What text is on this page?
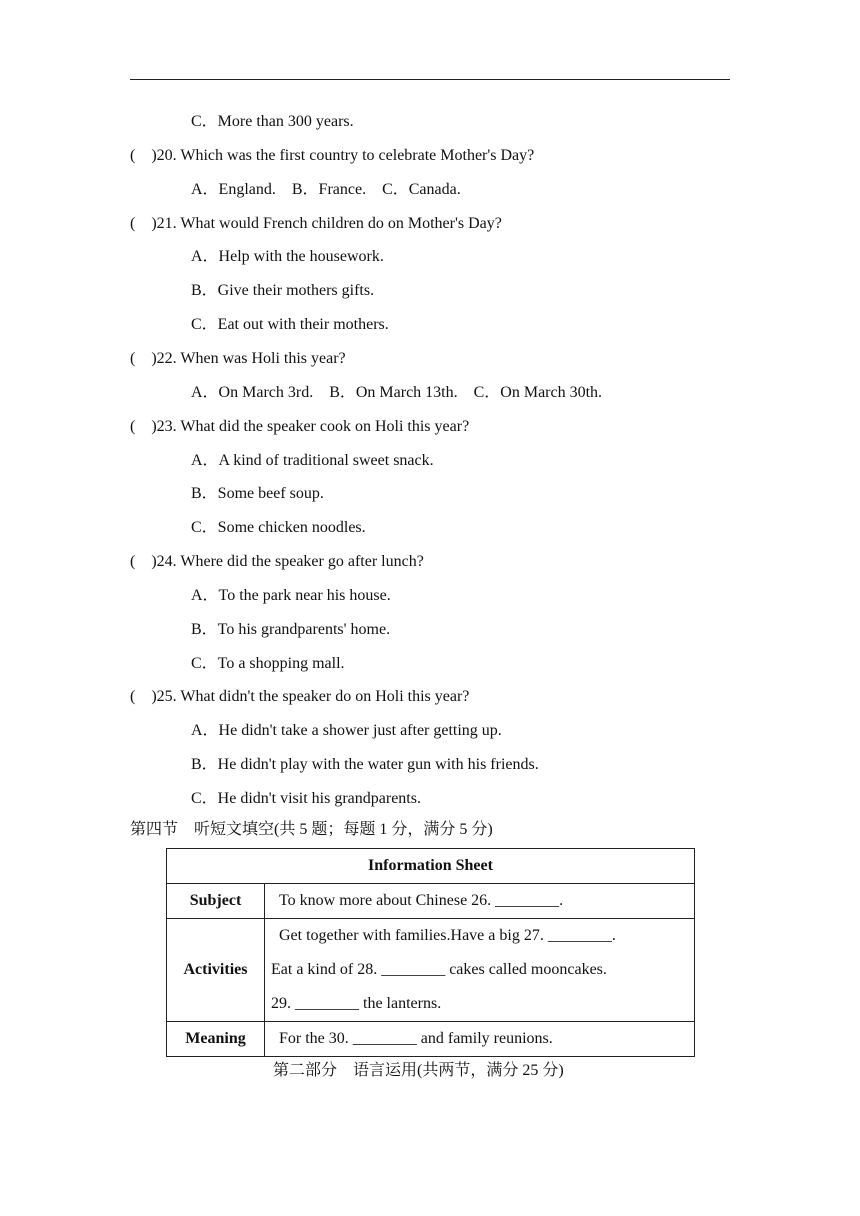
C．More than 300 years.
(　)20. Which was the first country to celebrate Mother's Day?
A．England.　B．France.　C．Canada.
(　)21. What would French children do on Mother's Day?
A．Help with the housework.
B．Give their mothers gifts.
C．Eat out with their mothers.
(　)22. When was Holi this year?
A．On March 3rd.　B．On March 13th.　C．On March 30th.
(　)23. What did the speaker cook on Holi this year?
A．A kind of traditional sweet snack.
B．Some beef soup.
C．Some chicken noodles.
(　)24. Where did the speaker go after lunch?
A．To the park near his house.
B．To his grandparents' home.
C．To a shopping mall.
(　)25. What didn't the speaker do on Holi this year?
A．He didn't take a shower just after getting up.
B．He didn't play with the water gun with his friends.
C．He didn't visit his grandparents.
第四节　听短文填空(共 5 题；每题 1 分，满分 5 分)
Information Sheet	
Subject	To know more about Chinese 26. ________.
Activities	Get together with families.Have a big 27. ________.
Eat a kind of 28. ________ cakes called mooncakes.
29. ________ the lanterns.

Meaning	For the 30. ________ and family reunions.
第二部分　语言运用(共两节，满分 25 分)
